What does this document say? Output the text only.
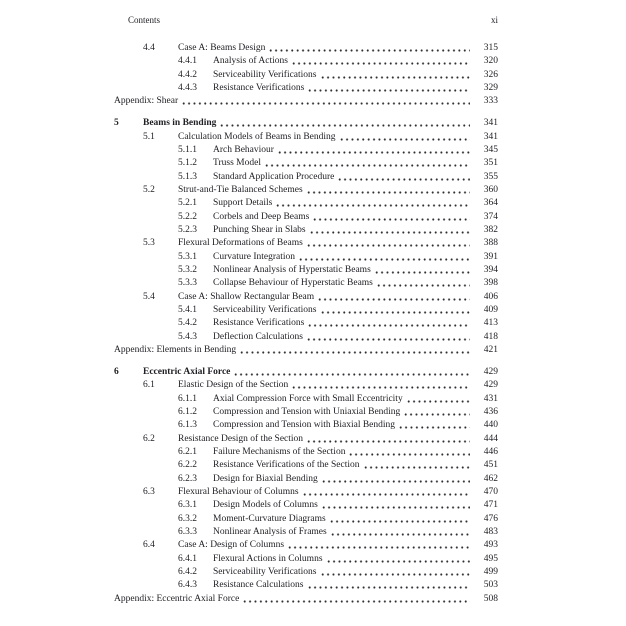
Contents	xi
4.4	Case A: Beams Design	315
4.4.1	Analysis of Actions	320
4.4.2	Serviceability Verifications	326
4.4.3	Resistance Verifications	329
Appendix: Shear	333
5	Beams in Bending	341
5.1	Calculation Models of Beams in Bending	341
5.1.1	Arch Behaviour	345
5.1.2	Truss Model	351
5.1.3	Standard Application Procedure	355
5.2	Strut-and-Tie Balanced Schemes	360
5.2.1	Support Details	364
5.2.2	Corbels and Deep Beams	374
5.2.3	Punching Shear in Slabs	382
5.3	Flexural Deformations of Beams	388
5.3.1	Curvature Integration	391
5.3.2	Nonlinear Analysis of Hyperstatic Beams	394
5.3.3	Collapse Behaviour of Hyperstatic Beams	398
5.4	Case A: Shallow Rectangular Beam	406
5.4.1	Serviceability Verifications	409
5.4.2	Resistance Verifications	413
5.4.3	Deflection Calculations	418
Appendix: Elements in Bending	421
6	Eccentric Axial Force	429
6.1	Elastic Design of the Section	429
6.1.1	Axial Compression Force with Small Eccentricity	431
6.1.2	Compression and Tension with Uniaxial Bending	436
6.1.3	Compression and Tension with Biaxial Bending	440
6.2	Resistance Design of the Section	444
6.2.1	Failure Mechanisms of the Section	446
6.2.2	Resistance Verifications of the Section	451
6.2.3	Design for Biaxial Bending	462
6.3	Flexural Behaviour of Columns	470
6.3.1	Design Models of Columns	471
6.3.2	Moment-Curvature Diagrams	476
6.3.3	Nonlinear Analysis of Frames	483
6.4	Case A: Design of Columns	493
6.4.1	Flexural Actions in Columns	495
6.4.2	Serviceability Verifications	499
6.4.3	Resistance Calculations	503
Appendix: Eccentric Axial Force	508
